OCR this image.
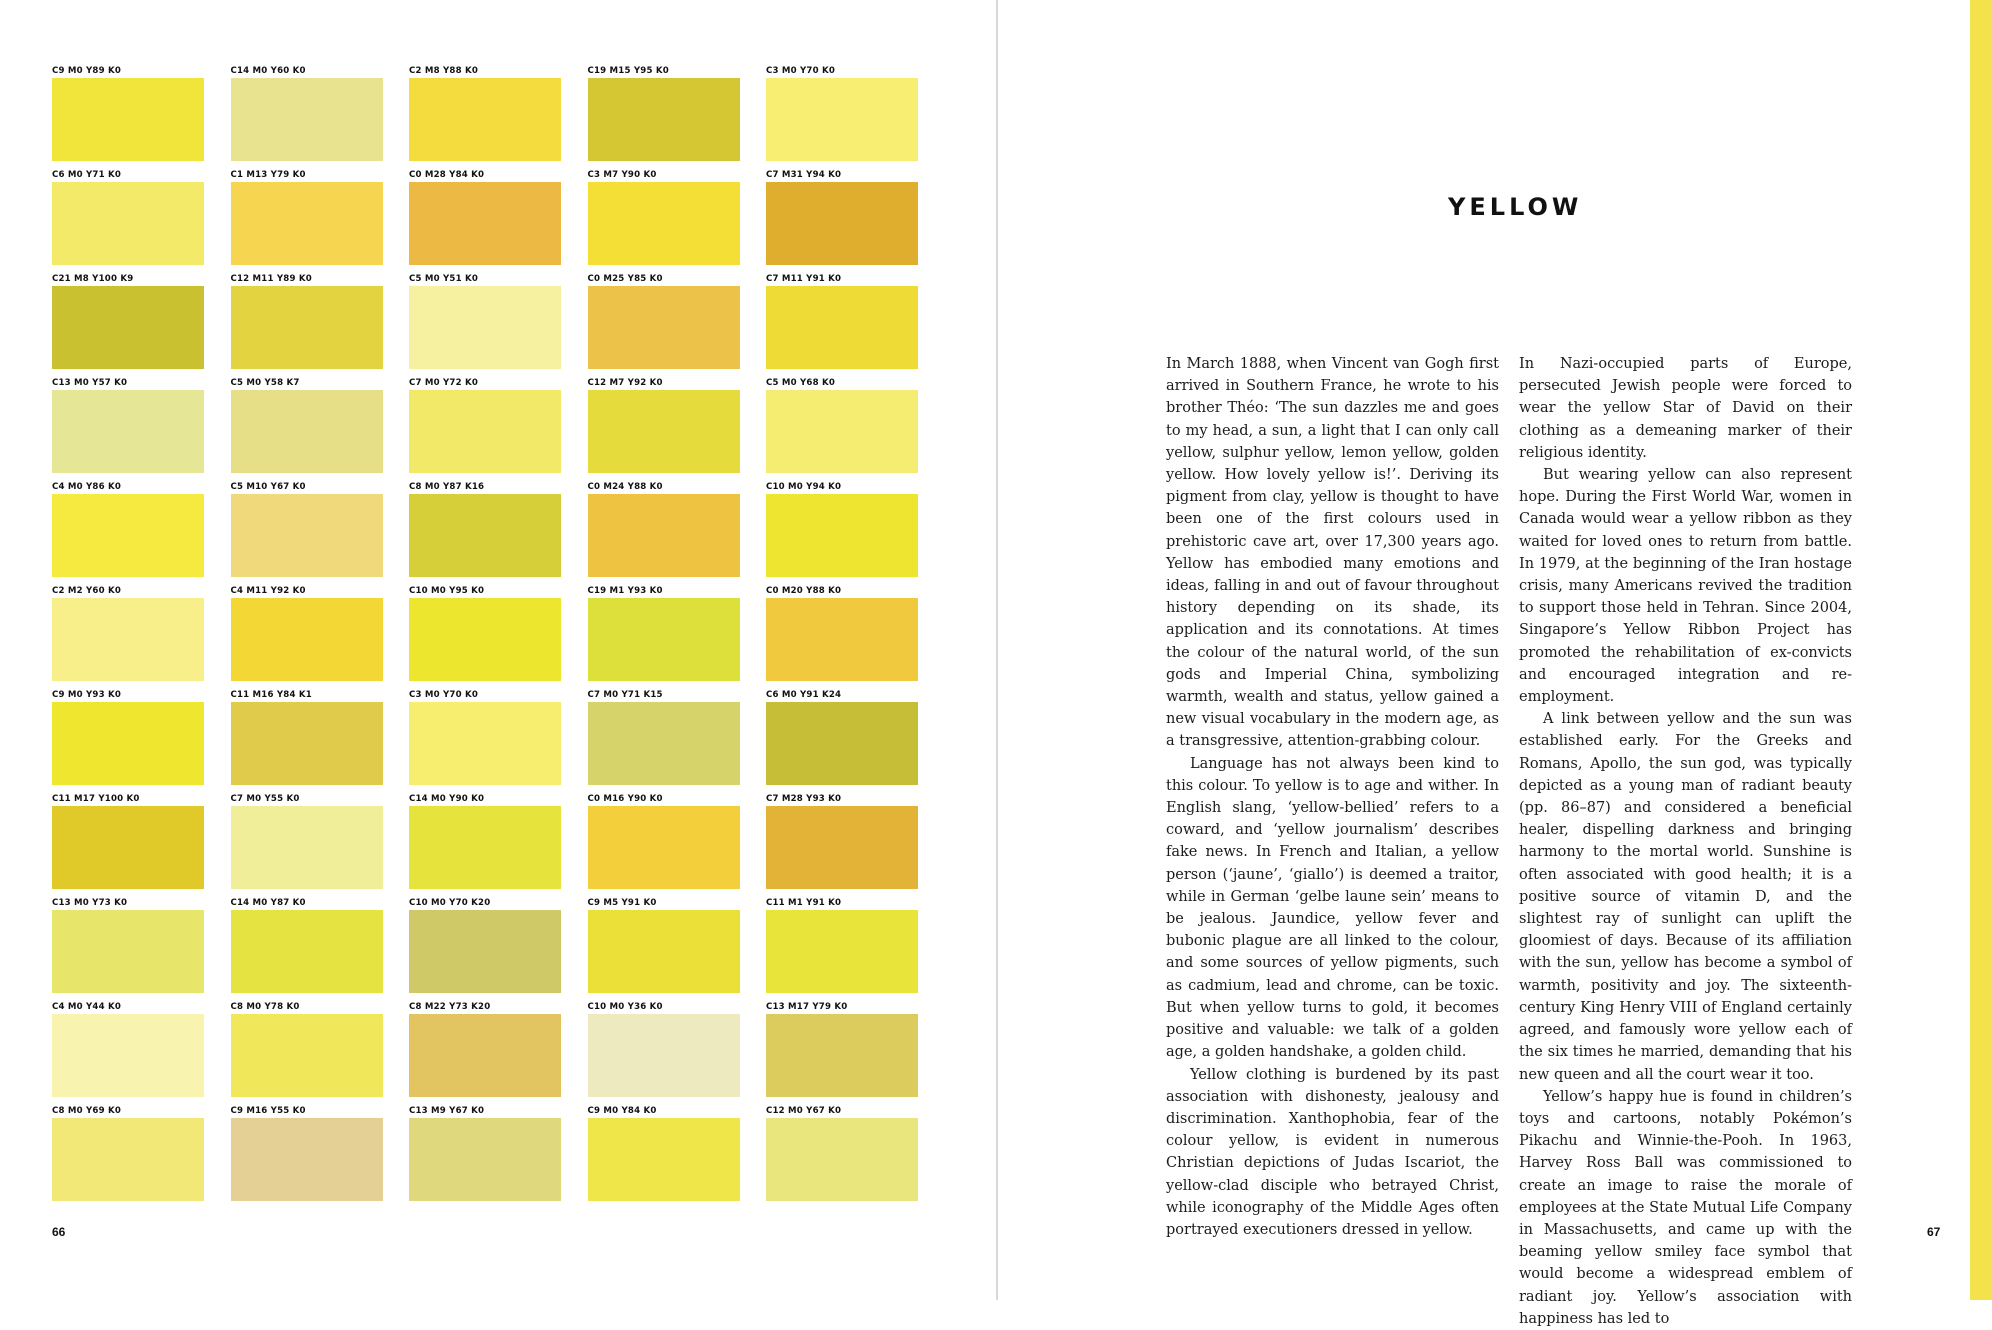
C9 M0 Y89 K0	C14 M0 Y60 K0	C2 M8 Y88 K0	C19 M15 Y95 K0	C3 M0 Y70 K0
C6 M0 Y71 K0	C1 M13 Y79 K0	C0 M28 Y84 K0	C3 M7 Y90 K0	C7 M31 Y94 K0
C21 M8 Y100 K9	C12 M11 Y89 K0	C5 M0 Y51 K0	C0 M25 Y85 K0	C7 M11 Y91 K0
C13 M0 Y57 K0	C5 M0 Y58 K7	C7 M0 Y72 K0	C12 M7 Y92 K0	C5 M0 Y68 K0
C4 M0 Y86 K0	C5 M10 Y67 K0	C8 M0 Y87 K16	C0 M24 Y88 K0	C10 M0 Y94 K0
C2 M2 Y60 K0	C4 M11 Y92 K0	C10 M0 Y95 K0	C19 M1 Y93 K0	C0 M20 Y88 K0
C9 M0 Y93 K0	C11 M16 Y84 K1	C3 M0 Y70 K0	C7 M0 Y71 K15	C6 M0 Y91 K24
C11 M17 Y100 K0	C7 M0 Y55 K0	C14 M0 Y90 K0	C0 M16 Y90 K0	C7 M28 Y93 K0
C13 M0 Y73 K0	C14 M0 Y87 K0	C10 M0 Y70 K20	C9 M5 Y91 K0	C11 M1 Y91 K0
C4 M0 Y44 K0	C8 M0 Y78 K0	C8 M22 Y73 K20	C10 M0 Y36 K0	C13 M17 Y79 K0
C8 M0 Y69 K0	C9 M16 Y55 K0	C13 M9 Y67 K0	C9 M0 Y84 K0	C12 M0 Y67 K0
66
YELLOW

In March 1888, when Vincent van Gogh first arrived in Southern France, he wrote to his brother Théo: ‘The sun dazzles me and goes to my head, a sun, a light that I can only call yellow, sulphur yellow, lemon yellow, golden yellow. How lovely yellow is!’. Deriving its pigment from clay, yellow is thought to have been one of the first colours used in prehistoric cave art, over 17,300 years ago. Yellow has embodied many emotions and ideas, falling in and out of favour throughout history depending on its shade, its application and its connotations. At times the colour of the natural world, of the sun gods and Imperial China, symbolizing warmth, wealth and status, yellow gained a new visual vocabulary in the modern age, as a transgressive, attention-grabbing colour.

Language has not always been kind to this colour. To yellow is to age and wither. In English slang, ‘yellow-bellied’ refers to a coward, and ‘yellow journalism’ describes fake news. In French and Italian, a yellow person (‘jaune’, ‘giallo’) is deemed a traitor, while in German ‘gelbe laune sein’ means to be jealous. Jaundice, yellow fever and bubonic plague are all linked to the colour, and some sources of yellow pigments, such as cadmium, lead and chrome, can be toxic. But when yellow turns to gold, it becomes positive and valuable: we talk of a golden age, a golden handshake, a golden child.

Yellow clothing is burdened by its past association with dishonesty, jealousy and discrimination. Xanthophobia, fear of the colour yellow, is evident in numerous Christian depictions of Judas Iscariot, the yellow-clad disciple who betrayed Christ, while iconography of the Middle Ages often portrayed executioners dressed in yellow.

In Nazi-occupied parts of Europe, persecuted Jewish people were forced to wear the yellow Star of David on their clothing as a demeaning marker of their religious identity.

But wearing yellow can also represent hope. During the First World War, women in Canada would wear a yellow ribbon as they waited for loved ones to return from battle. In 1979, at the beginning of the Iran hostage crisis, many Americans revived the tradition to support those held in Tehran. Since 2004, Singapore’s Yellow Ribbon Project has promoted the rehabilitation of ex-convicts and encouraged integration and re-employment.

A link between yellow and the sun was established early. For the Greeks and Romans, Apollo, the sun god, was typically depicted as a young man of radiant beauty (pp. 86–87) and considered a beneficial healer, dispelling darkness and bringing harmony to the mortal world. Sunshine is often associated with good health; it is a positive source of vitamin D, and the slightest ray of sunlight can uplift the gloomiest of days. Because of its affiliation with the sun, yellow has become a symbol of warmth, positivity and joy. The sixteenth-century King Henry VIII of England certainly agreed, and famously wore yellow each of the six times he married, demanding that his new queen and all the court wear it too.

Yellow’s happy hue is found in children’s toys and cartoons, notably Pokémon’s Pikachu and Winnie-the-Pooh. In 1963, Harvey Ross Ball was commissioned to create an image to raise the morale of employees at the State Mutual Life Company in Massachusetts, and came up with the beaming yellow smiley face symbol that would become a widespread emblem of radiant joy. Yellow’s association with happiness has led to

67
